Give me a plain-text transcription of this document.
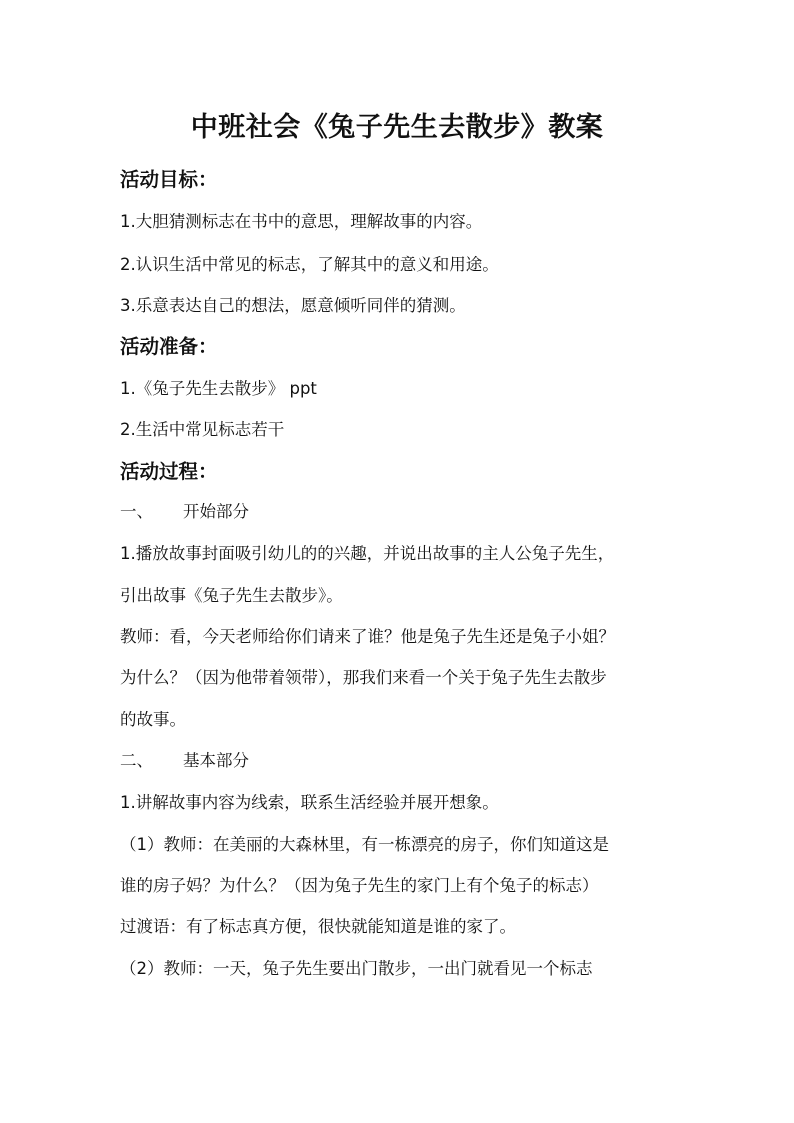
中班社会《兔子先生去散步》教案
活动目标：
1.大胆猜测标志在书中的意思，理解故事的内容。
2.认识生活中常见的标志，了解其中的意义和用途。
3.乐意表达自己的想法，愿意倾听同伴的猜测。
活动准备：
1.《兔子先生去散步》 ppt
2.生活中常见标志若干
活动过程：
一、 开始部分
1.播放故事封面吸引幼儿的的兴趣，并说出故事的主人公兔子先生，
引出故事《兔子先生去散步》。
教师：看，今天老师给你们请来了谁？他是兔子先生还是兔子小姐？
为什么？（因为他带着领带），那我们来看一个关于兔子先生去散步
的故事。
二、 基本部分
1.讲解故事内容为线索，联系生活经验并展开想象。
（1）教师：在美丽的大森林里，有一栋漂亮的房子，你们知道这是
谁的房子妈？为什么？（因为兔子先生的家门上有个兔子的标志）
过渡语：有了标志真方便，很快就能知道是谁的家了。
（2）教师：一天，兔子先生要出门散步，一出门就看见一个标志
